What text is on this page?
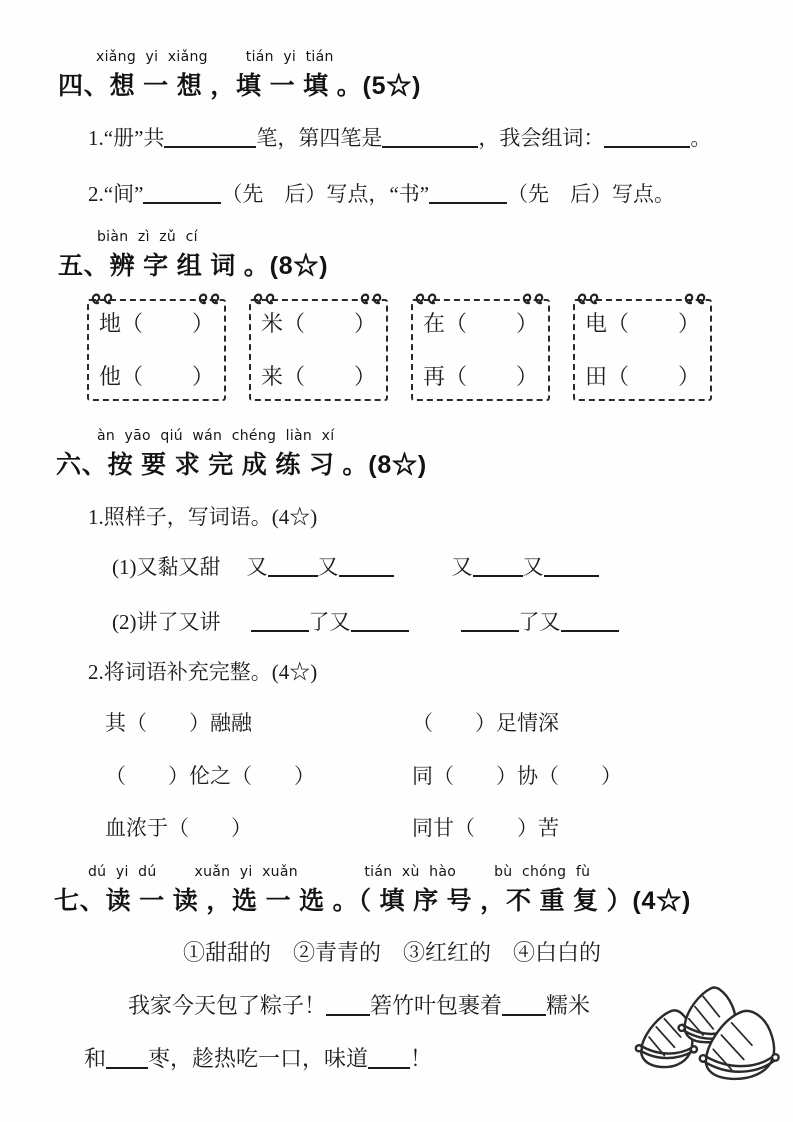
xiǎng  yi  xiǎng        tián  yi  tián
四、想 一 想 ，填 一 填 。(5☆)
1.“册”共	笔，第四笔是	，我会组词：	。
2.“间”	（先　后）写点，“书”	（先　后）写点。
biàn  zì  zǔ  cí
五、辨 字 组 词 。(8☆)
地（ ）
他（ ）
米（ ）
来（ ）
在（ ）
再（ ）
电（ ）
田（ ）
àn  yāo  qiú  wán  chéng  liàn  xí
六、按 要 求 完 成 练 习 。(8☆)
1.照样子，写词语。(4☆)
(1)又黏又甜 又 又	又 又
(2)讲了又讲	了又	了又
2.将词语补充完整。(4☆)
其（　　）融融	（　　）足情深
（　　）伦之（　　）	同（　　）协（　　）
血浓于（　　）	同甘（　　）苦
dú  yi  dú        xuǎn  yi  xuǎn              tián  xù  hào        bù  chóng  fù
七、读 一 读 ，选 一 选 。（ 填 序 号 ，不 重 复 ）(4☆)
①甜甜的　②青青的　③红红的　④白白的
我家今天包了粽子！ 箬竹叶包裹着 糯米
和 枣，趁热吃一口，味道 ！
